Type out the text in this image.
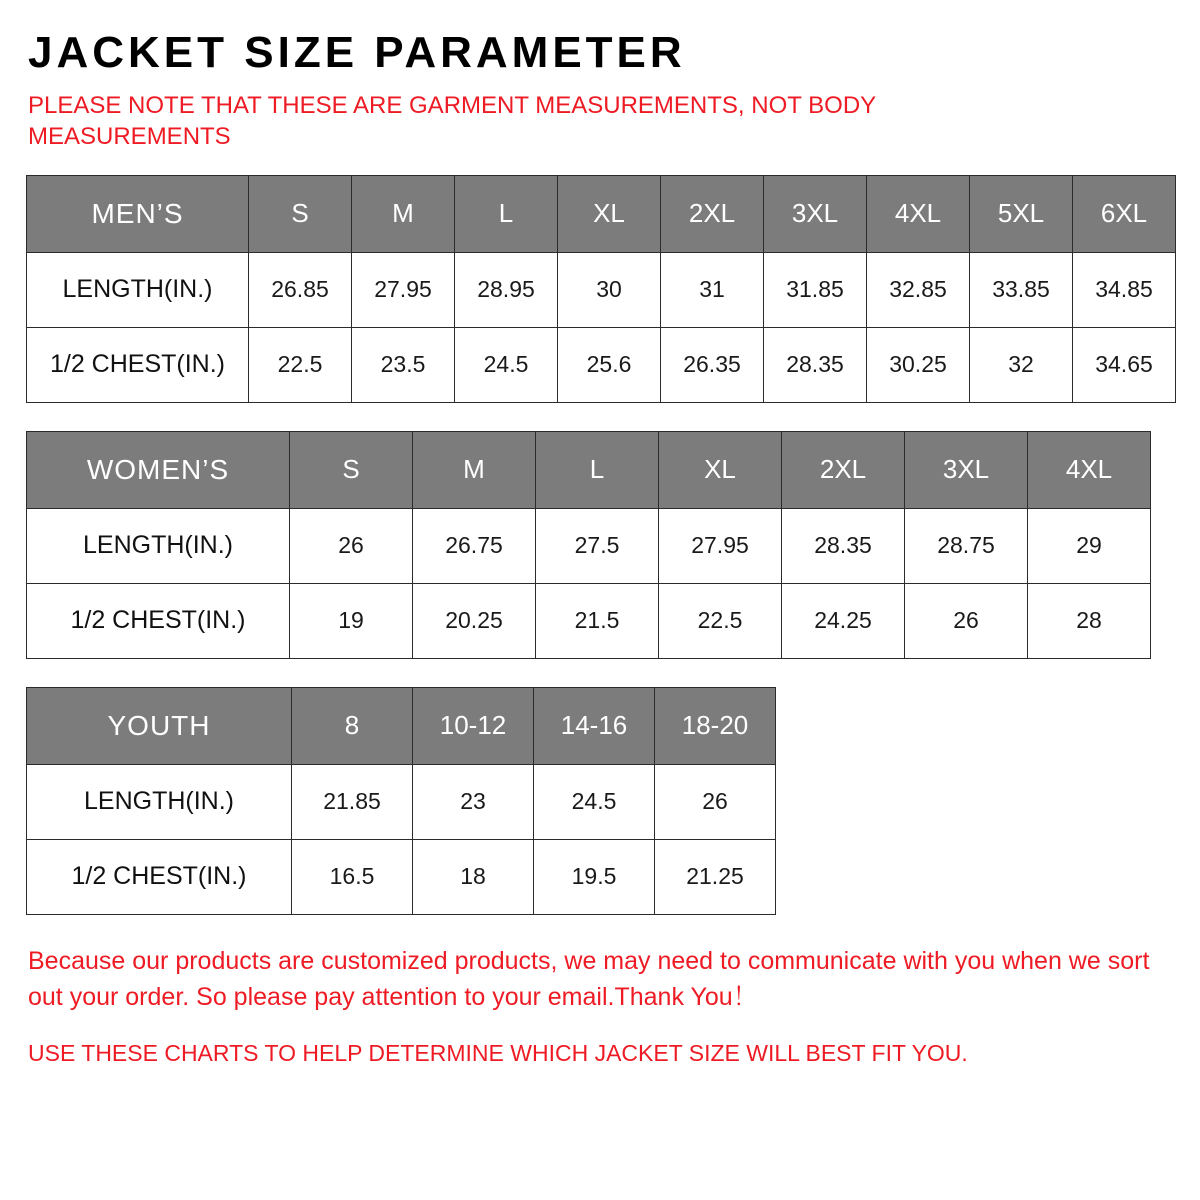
JACKET SIZE PARAMETER
PLEASE NOTE THAT THESE ARE GARMENT MEASUREMENTS, NOT BODY MEASUREMENTS
MEN’S	S	M	L	XL	2XL	3XL	4XL	5XL	6XL
LENGTH(IN.)	26.85	27.95	28.95	30	31	31.85	32.85	33.85	34.85
1/2 CHEST(IN.)	22.5	23.5	24.5	25.6	26.35	28.35	30.25	32	34.65
WOMEN’S	S	M	L	XL	2XL	3XL	4XL
LENGTH(IN.)	26	26.75	27.5	27.95	28.35	28.75	29
1/2 CHEST(IN.)	19	20.25	21.5	22.5	24.25	26	28
YOUTH	8	10-12	14-16	18-20
LENGTH(IN.)	21.85	23	24.5	26
1/2 CHEST(IN.)	16.5	18	19.5	21.25
Because our products are customized products, we may need to communicate with you when we sort out your order. So please pay attention to your email.Thank You！
USE THESE CHARTS TO HELP DETERMINE WHICH JACKET SIZE WILL BEST FIT YOU.
